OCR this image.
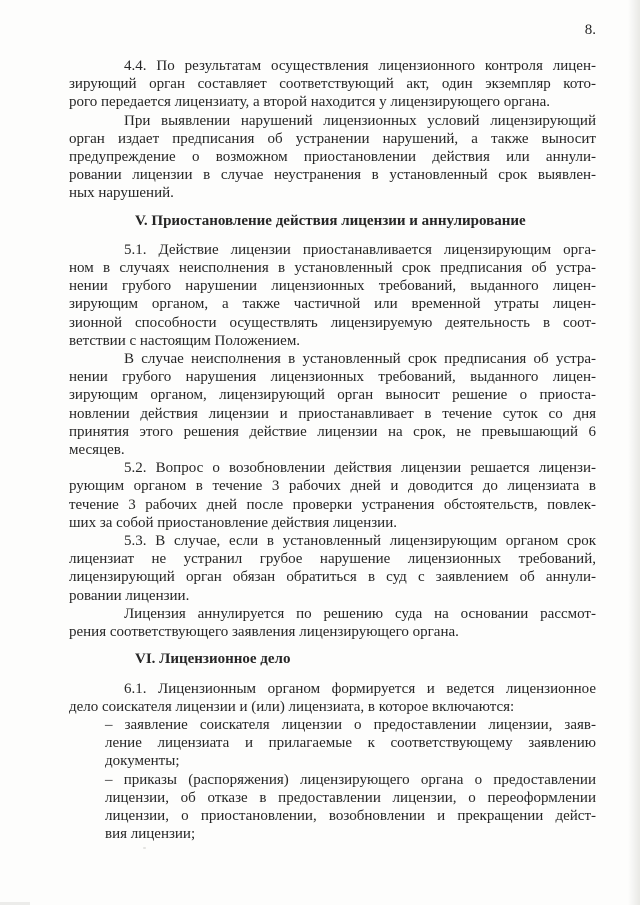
8.
4.4. По результатам осуществления лицензионного контроля лицен-
зирующий орган составляет соответствующий акт, один экземпляр кото-
рого передается лицензиату, а второй находится у лицензирующего органа.
При выявлении нарушений лицензионных условий лицензирующий
орган издает предписания об устранении нарушений, а также выносит
предупреждение о возможном приостановлении действия или аннули-
ровании лицензии в случае неустранения в установленный срок выявлен-
ных нарушений.
V. Приостановление действия лицензии и аннулирование
5.1. Действие лицензии приостанавливается лицензирующим орга-
ном в случаях неисполнения в установленный срок предписания об устра-
нении грубого нарушении лицензионных требований, выданного лицен-
зирующим органом, а также частичной или временной утраты лицен-
зионной способности осуществлять лицензируемую деятельность в соот-
ветствии с настоящим Положением.
В случае неисполнения в установленный срок предписания об устра-
нении грубого нарушения лицензионных требований, выданного лицен-
зирующим органом, лицензирующий орган выносит решение о приоста-
новлении действия лицензии и приостанавливает в течение суток со дня
принятия этого решения действие лицензии на срок, не превышающий 6
месяцев.
5.2. Вопрос о возобновлении действия лицензии решается лицензи-
рующим органом в течение 3 рабочих дней и доводится до лицензиата в
течение 3 рабочих дней после проверки устранения обстоятельств, повлек-
ших за собой приостановление действия лицензии.
5.3. В случае, если в установленный лицензирующим органом срок
лицензиат не устранил грубое нарушение лицензионных требований,
лицензирующий орган обязан обратиться в суд с заявлением об аннули-
ровании лицензии.
Лицензия аннулируется по решению суда на основании рассмот-
рения соответствующего заявления лицензирующего органа.
VI. Лицензионное дело
6.1. Лицензионным органом формируется и ведется лицензионное
дело соискателя лицензии и (или) лицензиата, в которое включаются:
– заявление соискателя лицензии о предоставлении лицензии, заяв-
ление лицензиата и прилагаемые к соответствующему заявлению
документы;
– приказы (распоряжения) лицензирующего органа о предоставлении
лицензии, об отказе в предоставлении лицензии, о переоформлении
лицензии, о приостановлении, возобновлении и прекращении дейст-
вия лицензии;
